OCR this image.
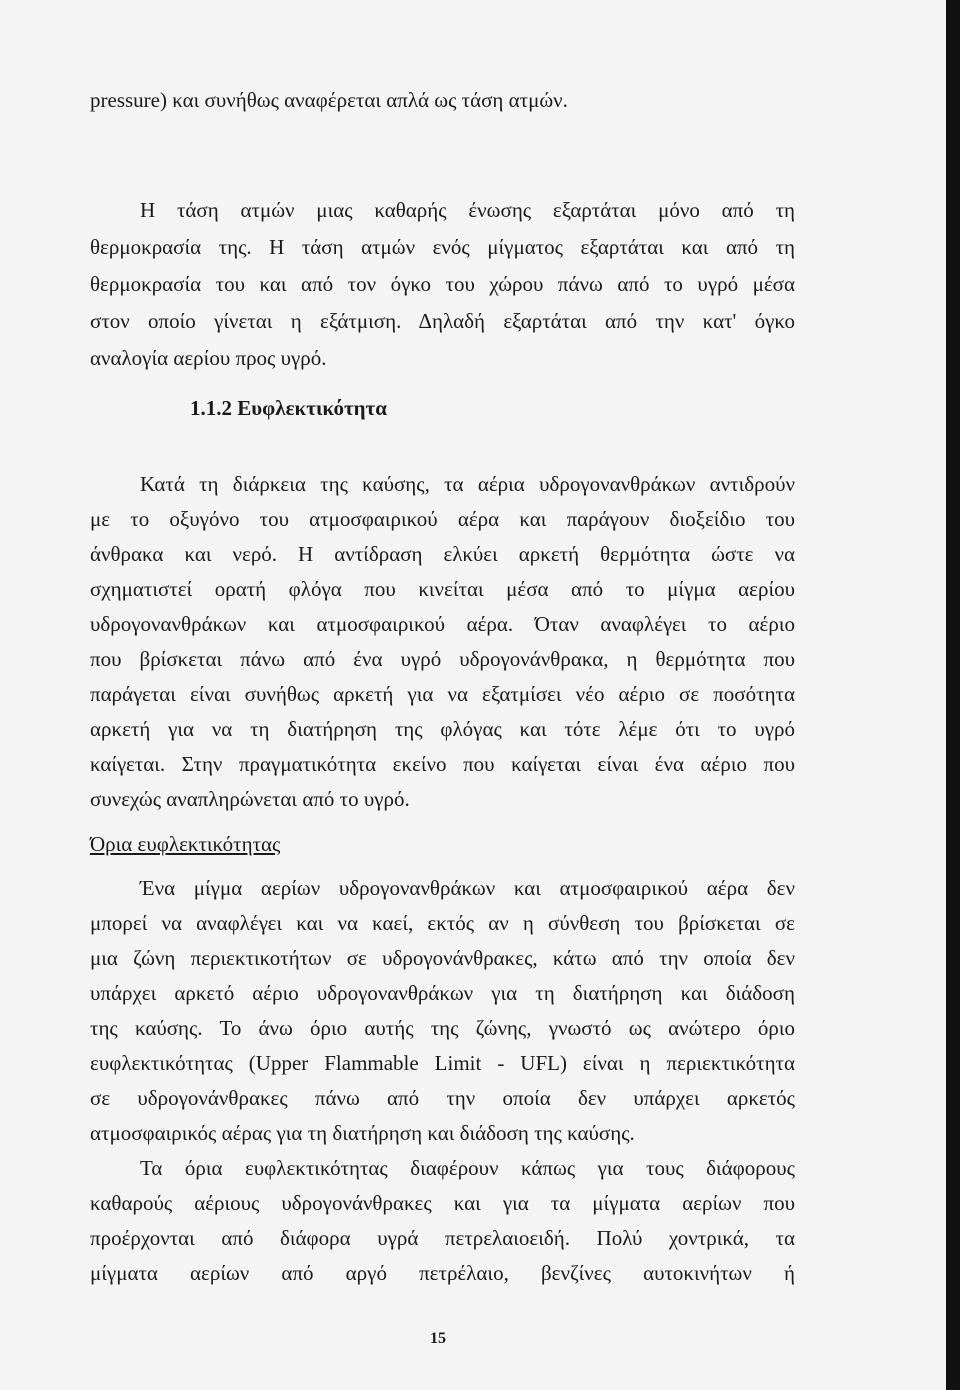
pressure) και συνήθως αναφέρεται απλά ως τάση ατμών.
Η τάση ατμών μιας καθαρής ένωσης εξαρτάται μόνο από τη
θερμοκρασία της. Η τάση ατμών ενός μίγματος εξαρτάται και από τη
θερμοκρασία του και από τον όγκο του χώρου πάνω από το υγρό μέσα
στον οποίο γίνεται η εξάτμιση. Δηλαδή εξαρτάται από την κατ' όγκο
αναλογία αερίου προς υγρό.
1.1.2 Ευφλεκτικότητα
Κατά τη διάρκεια της καύσης, τα αέρια υδρογονανθράκων αντιδρούν
με το οξυγόνο του ατμοσφαιρικού αέρα και παράγουν διοξείδιο του
άνθρακα και νερό. Η αντίδραση ελκύει αρκετή θερμότητα ώστε να
σχηματιστεί ορατή φλόγα που κινείται μέσα από το μίγμα αερίου
υδρογονανθράκων και ατμοσφαιρικού αέρα. Όταν αναφλέγει το αέριο
που βρίσκεται πάνω από ένα υγρό υδρογονάνθρακα, η θερμότητα που
παράγεται είναι συνήθως αρκετή για να εξατμίσει νέο αέριο σε ποσότητα
αρκετή για να τη διατήρηση της φλόγας και τότε λέμε ότι το υγρό
καίγεται. Στην πραγματικότητα εκείνο που καίγεται είναι ένα αέριο που
συνεχώς αναπληρώνεται από το υγρό.
Όρια ευφλεκτικότητας
Ένα μίγμα αερίων υδρογονανθράκων και ατμοσφαιρικού αέρα δεν
μπορεί να αναφλέγει και να καεί, εκτός αν η σύνθεση του βρίσκεται σε
μια ζώνη περιεκτικοτήτων σε υδρογονάνθρακες, κάτω από την οποία δεν
υπάρχει αρκετό αέριο υδρογονανθράκων για τη διατήρηση και διάδοση
της καύσης. Το άνω όριο αυτής της ζώνης, γνωστό ως ανώτερο όριο
ευφλεκτικότητας (Upper Flammable Limit - UFL) είναι η περιεκτικότητα
σε υδρογονάνθρακες πάνω από την οποία δεν υπάρχει αρκετός
ατμοσφαιρικός αέρας για τη διατήρηση και διάδοση της καύσης.
Τα όρια ευφλεκτικότητας διαφέρουν κάπως για τους διάφορους
καθαρούς αέριους υδρογονάνθρακες και για τα μίγματα αερίων που
προέρχονται από διάφορα υγρά πετρελαιοειδή. Πολύ χοντρικά, τα
μίγματα αερίων από αργό πετρέλαιο, βενζίνες αυτοκινήτων ή
15
